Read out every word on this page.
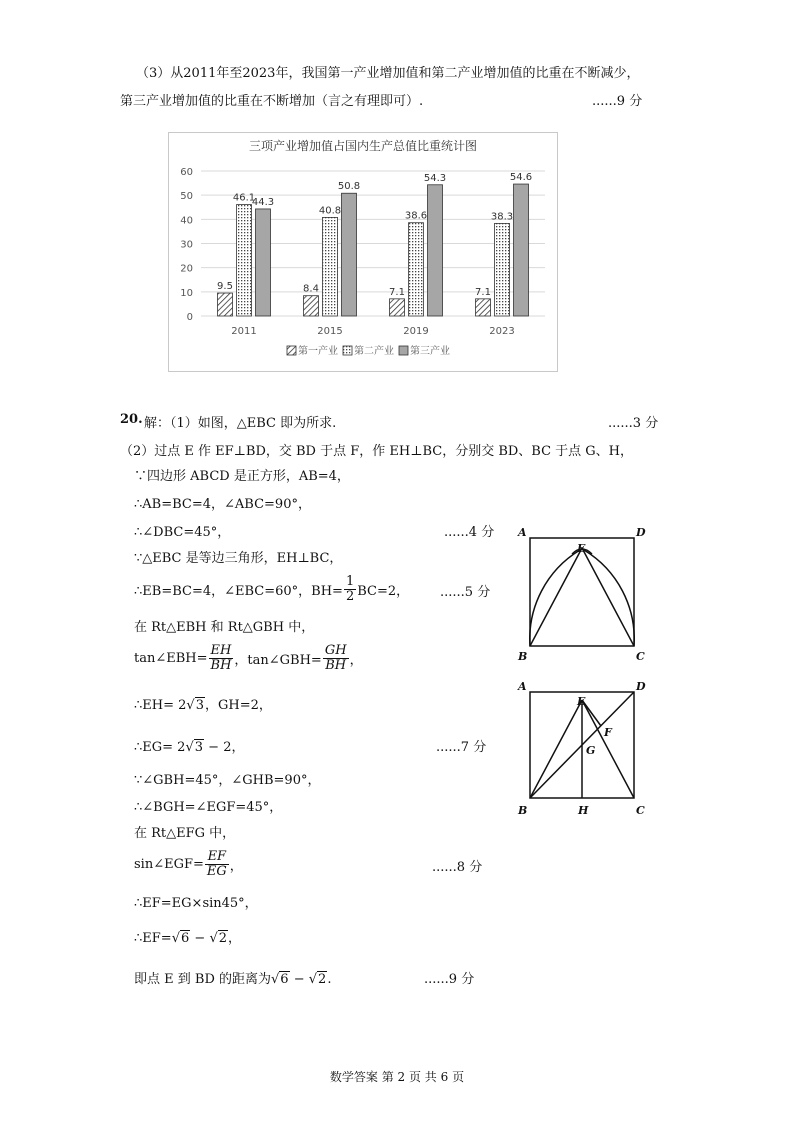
（3）从2011年至2023年，我国第一产业增加值和第二产业增加值的比重在不断减少，
第三产业增加值的比重在不断增加（言之有理即可）.	......9 分
三项产业增加值占国内生产总值比重统计图
0
10
20
30
40
50
60
9.5
46.1
44.3
8.4
40.8
50.8
7.1
38.6
54.3
7.1
38.3
54.6
2011	2015	2019	2023
第一产业 第二产业 第三产业
20. 解：（1）如图，△EBC 即为所求.	......3 分
（2）过点 E 作 EF⊥BD，交 BD 于点 F，作 EH⊥BC，分别交 BD、BC 于点 G、H，
∵四边形 ABCD 是正方形，AB=4，
∴AB=BC=4，∠ABC=90°，
∴∠DBC=45°，	......4 分
∵△EBC 是等边三角形，EH⊥BC，
∴EB=BC=4，∠EBC=60°，$BH= \frac{1}{2} BC=2$， ......5 分
在 Rt△EBH 和 Rt△GBH 中，
tan∠EBH= $\frac{EH}{BH}$ ，tan∠GBH= $\frac{GH}{BH}$ ，
∴EH= 2√3，GH=2，
∴EG= 2√3 − 2，	......7 分
∵∠GBH=45°，∠GHB=90°，
∴∠BGH=∠EGF=45°，
在 Rt△EFG 中，
sin∠EGF= $\frac{EF}{EG}$ ，	......8 分
∴EF=EG×sin45°，
∴EF=√6 − √2，
即点 E 到 BD 的距离为√6 − √2.	......9 分
A	D
E
B	C
A	D
E
F
G
B	H	C
数学答案 第 2 页 共 6 页
